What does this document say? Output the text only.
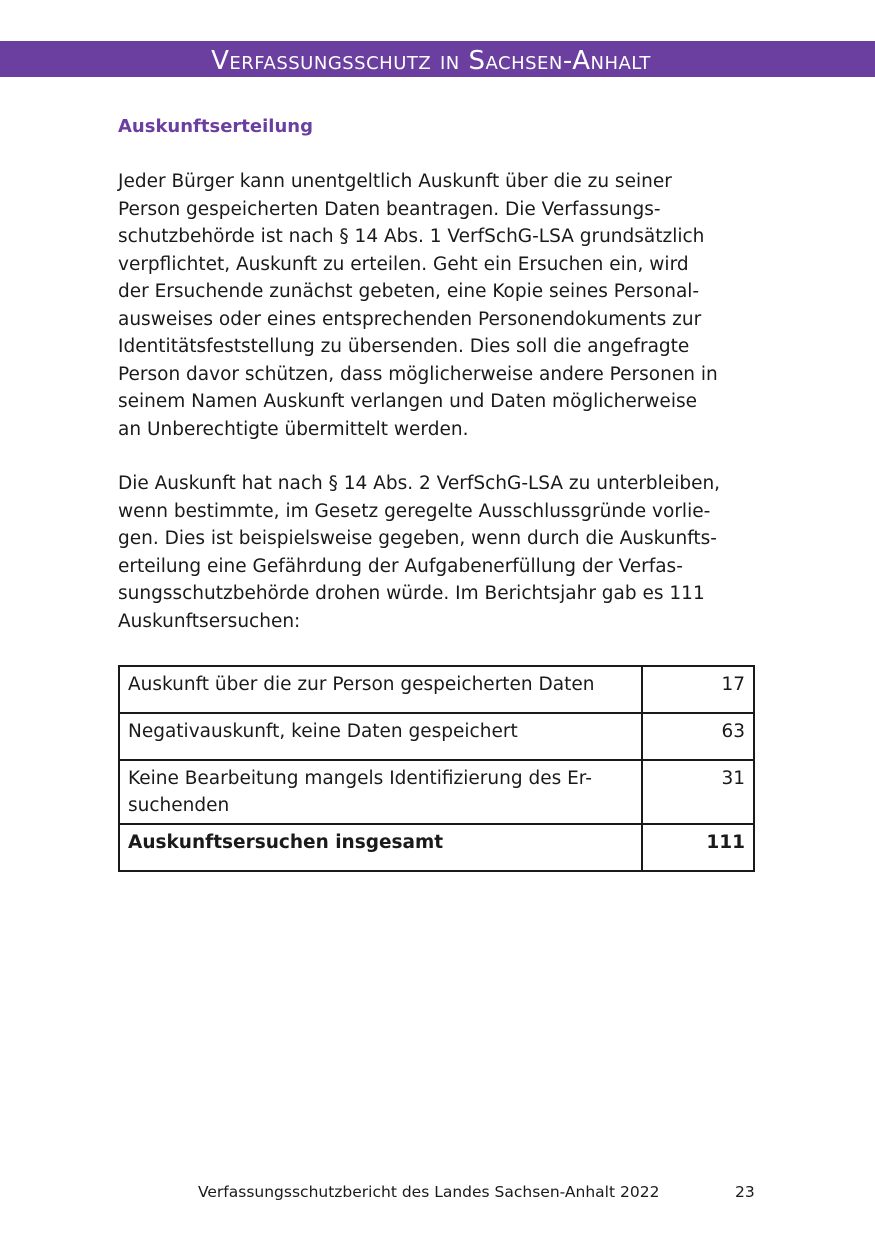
Verfassungsschutz in Sachsen-Anhalt
Auskunftserteilung
Jeder Bürger kann unentgeltlich Auskunft über die zu seiner
Person gespeicherten Daten beantragen. Die Verfassungs-
schutzbehörde ist nach § 14 Abs. 1 VerfSchG-LSA grundsätzlich
verpflichtet, Auskunft zu erteilen. Geht ein Ersuchen ein, wird
der Ersuchende zunächst gebeten, eine Kopie seines Personal-
ausweises oder eines entsprechenden Personendokuments zur
Identitätsfeststellung zu übersenden. Dies soll die angefragte
Person davor schützen, dass möglicherweise andere Personen in
seinem Namen Auskunft verlangen und Daten möglicherweise
an Unberechtigte übermittelt werden.
Die Auskunft hat nach § 14 Abs. 2 VerfSchG-LSA zu unterbleiben,
wenn bestimmte, im Gesetz geregelte Ausschlussgründe vorlie-
gen. Dies ist beispielsweise gegeben, wenn durch die Auskunfts-
erteilung eine Gefährdung der Aufgabenerfüllung der Verfas-
sungsschutzbehörde drohen würde. Im Berichtsjahr gab es 111
Auskunftsersuchen:
Auskunft über die zur Person gespeicherten Daten	17

Negativauskunft, keine Daten gespeichert	63

Keine Bearbeitung mangels Identifizierung des Er-
suchenden	31

Auskunftsersuchen insgesamt	111
Verfassungsschutzbericht des Landes Sachsen-Anhalt 2022	23
